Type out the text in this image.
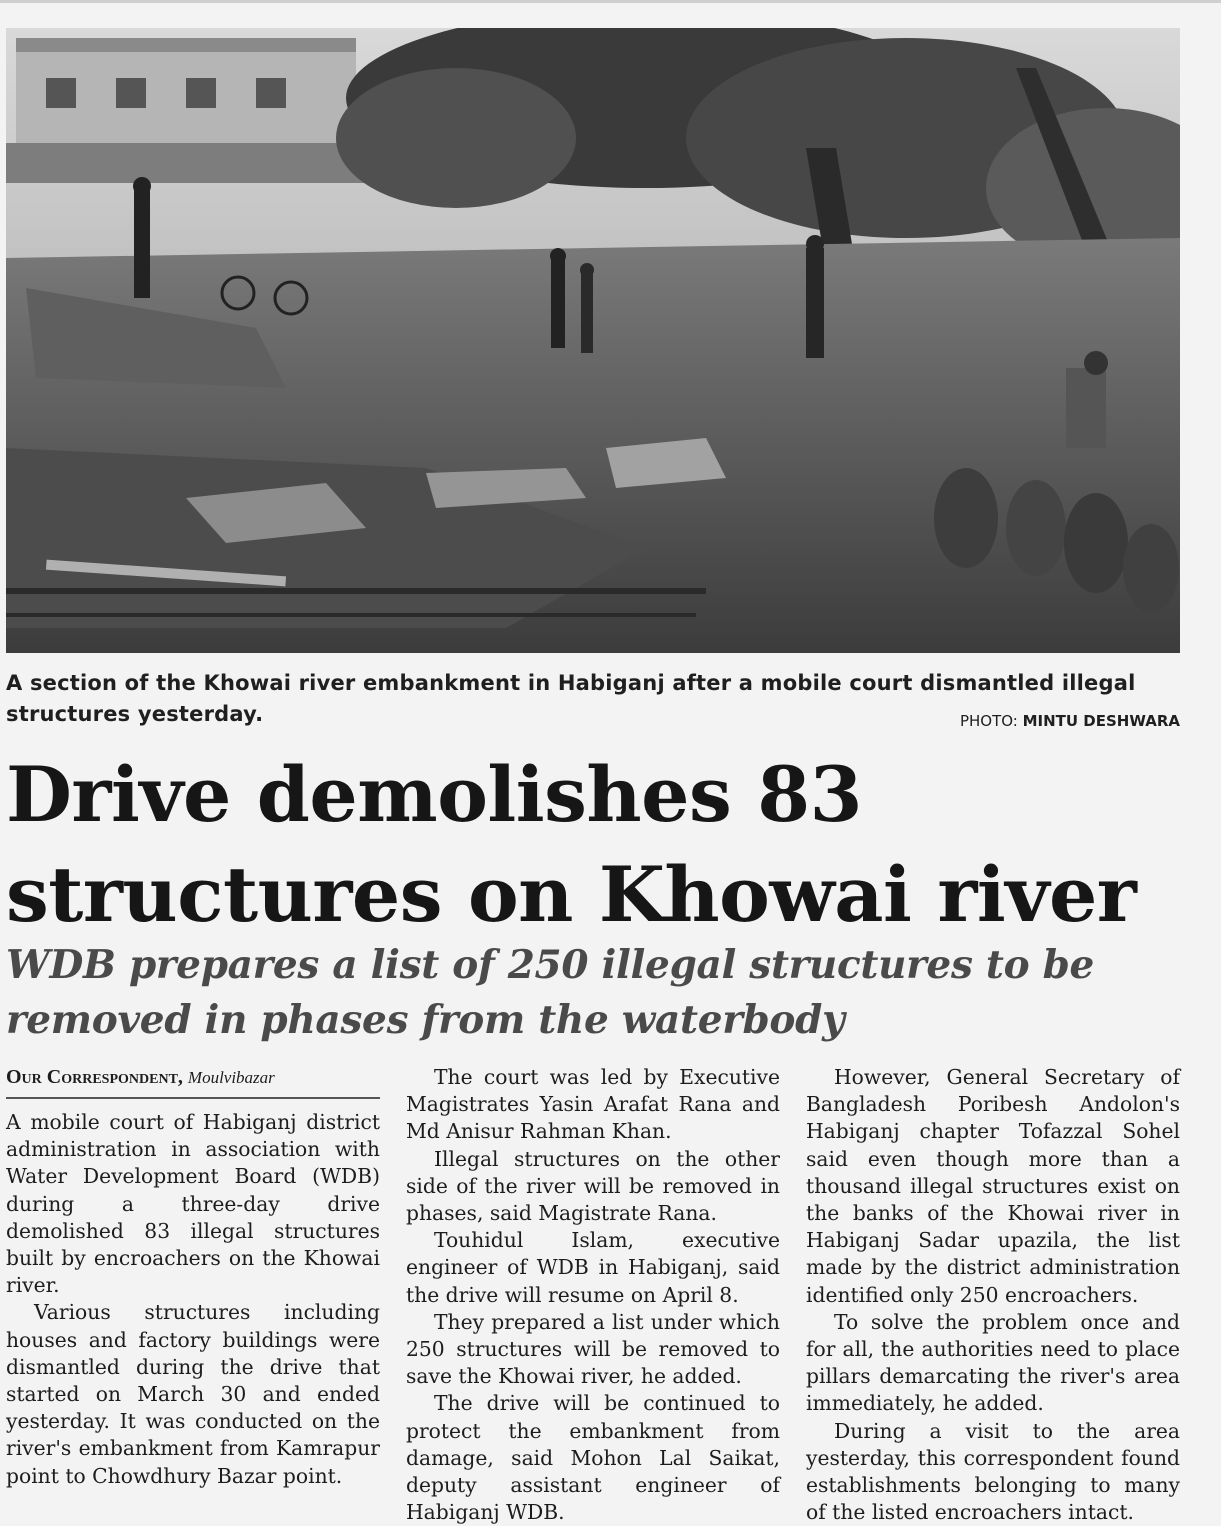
A section of the Khowai river embankment in Habiganj after a mobile court dismantled illegal structures yesterday.	PHOTO: MINTU DESHWARA
Drive demolishes 83 structures on Khowai river
WDB prepares a list of 250 illegal structures to be removed in phases from the waterbody
Our Correspondent, Moulvibazar

A mobile court of Habiganj district administration in association with Water Development Board (WDB) during a three-day drive demolished 83 illegal structures built by encroachers on the Khowai river.

Various structures including houses and factory buildings were dismantled during the drive that started on March 30 and ended yesterday. It was conducted on the river's embankment from Kamrapur point to Chowdhury Bazar point.

The court was led by Executive Magistrates Yasin Arafat Rana and Md Anisur Rahman Khan.

Illegal structures on the other side of the river will be removed in phases, said Magistrate Rana.

Touhidul Islam, executive engineer of WDB in Habiganj, said the drive will resume on April 8.

They prepared a list under which 250 structures will be removed to save the Khowai river, he added.

The drive will be continued to protect the embankment from damage, said Mohon Lal Saikat, deputy assistant engineer of Habiganj WDB.

However, General Secretary of Bangladesh Poribesh Andolon's Habiganj chapter Tofazzal Sohel said even though more than a thousand illegal structures exist on the banks of the Khowai river in Habiganj Sadar upazila, the list made by the district administration identified only 250 encroachers.

To solve the problem once and for all, the authorities need to place pillars demarcating the river's area immediately, he added.

During a visit to the area yesterday, this correspondent found establishments belonging to many of the listed encroachers intact.
